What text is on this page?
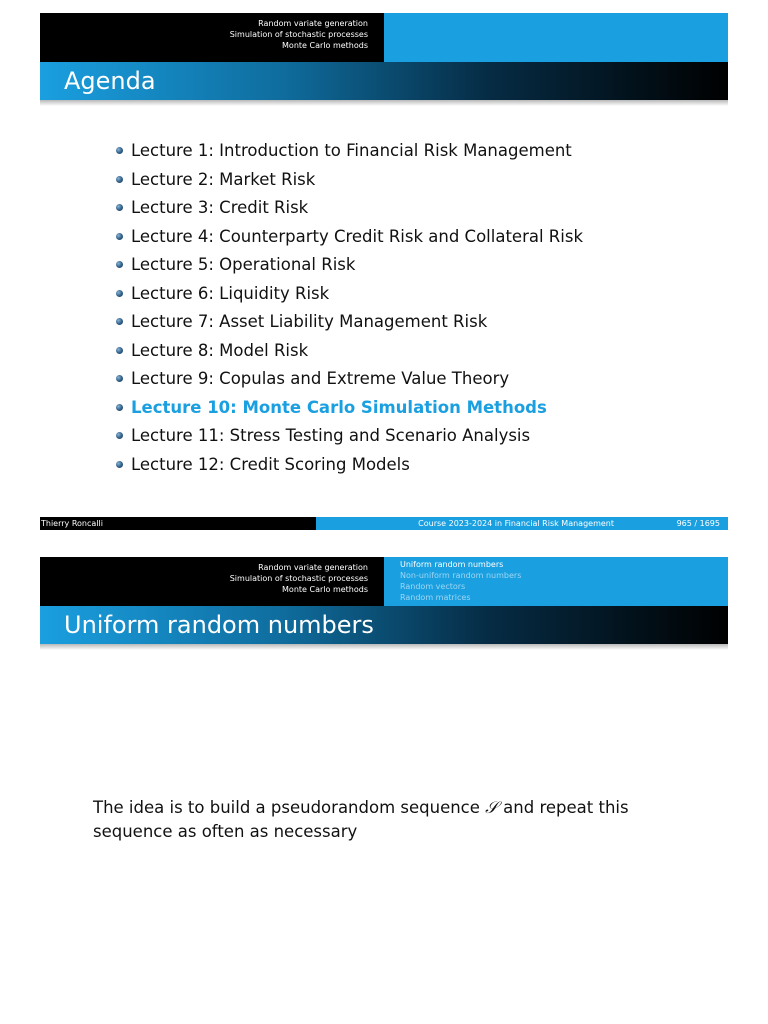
Random variate generation
Simulation of stochastic processes
Monte Carlo methods
Agenda
Lecture 1: Introduction to Financial Risk Management
Lecture 2: Market Risk
Lecture 3: Credit Risk
Lecture 4: Counterparty Credit Risk and Collateral Risk
Lecture 5: Operational Risk
Lecture 6: Liquidity Risk
Lecture 7: Asset Liability Management Risk
Lecture 8: Model Risk
Lecture 9: Copulas and Extreme Value Theory
Lecture 10: Monte Carlo Simulation Methods
Lecture 11: Stress Testing and Scenario Analysis
Lecture 12: Credit Scoring Models
Thierry Roncalli	Course 2023-2024 in Financial Risk Management	965 / 1695
Random variate generation
Simulation of stochastic processes
Monte Carlo methods
Uniform random numbers
Non-uniform random numbers
Random vectors
Random matrices
Uniform random numbers
The idea is to build a pseudorandom sequence 𝒮 and repeat this sequence as often as necessary
